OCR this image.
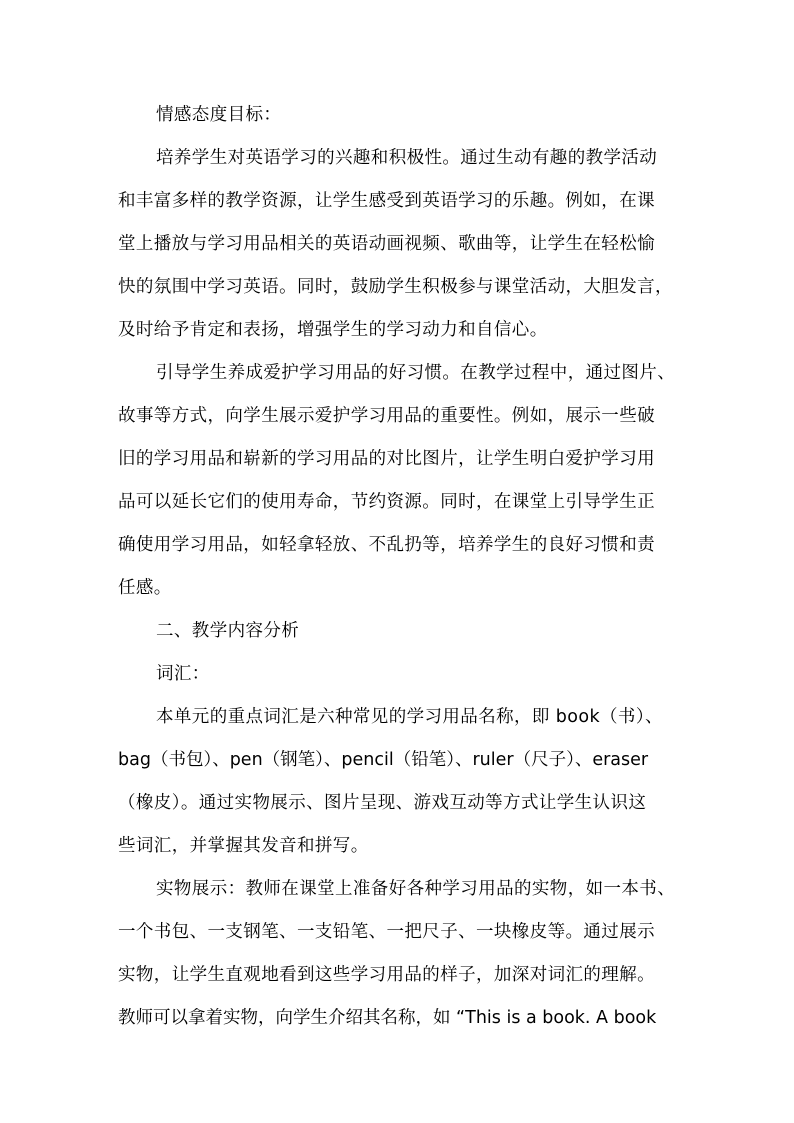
情感态度目标：
培养学生对英语学习的兴趣和积极性。通过生动有趣的教学活动
和丰富多样的教学资源，让学生感受到英语学习的乐趣。例如，在课
堂上播放与学习用品相关的英语动画视频、歌曲等，让学生在轻松愉
快的氛围中学习英语。同时，鼓励学生积极参与课堂活动，大胆发言，
及时给予肯定和表扬，增强学生的学习动力和自信心。
引导学生养成爱护学习用品的好习惯。在教学过程中，通过图片、
故事等方式，向学生展示爱护学习用品的重要性。例如，展示一些破
旧的学习用品和崭新的学习用品的对比图片，让学生明白爱护学习用
品可以延长它们的使用寿命，节约资源。同时，在课堂上引导学生正
确使用学习用品，如轻拿轻放、不乱扔等，培养学生的良好习惯和责
任感。
二、教学内容分析
词汇：
本单元的重点词汇是六种常见的学习用品名称，即 book（书）、
bag（书包）、pen（钢笔）、pencil（铅笔）、ruler（尺子）、eraser
（橡皮）。通过实物展示、图片呈现、游戏互动等方式让学生认识这
些词汇，并掌握其发音和拼写。
实物展示：教师在课堂上准备好各种学习用品的实物，如一本书、
一个书包、一支钢笔、一支铅笔、一把尺子、一块橡皮等。通过展示
实物，让学生直观地看到这些学习用品的样子，加深对词汇的理解。
教师可以拿着实物，向学生介绍其名称，如 “This is a book. A book
